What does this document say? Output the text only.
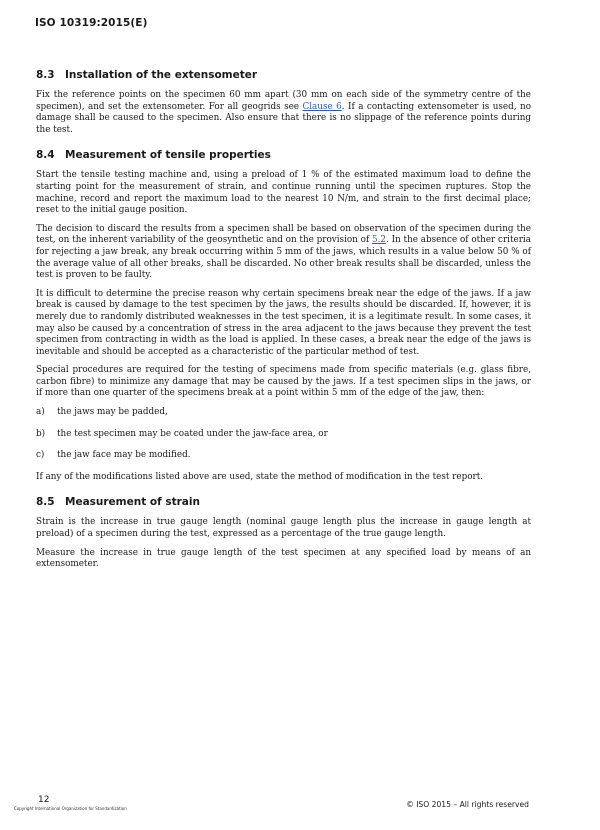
ISO 10319:2015(E)
8.3 Installation of the extensometer

Fix the reference points on the specimen 60 mm apart (30 mm on each side of the symmetry centre of the specimen), and set the extensometer. For all geogrids see Clause 6. If a contacting extensometer is used, no damage shall be caused to the specimen. Also ensure that there is no slippage of the reference points during the test.

8.4 Measurement of tensile properties

Start the tensile testing machine and, using a preload of 1 % of the estimated maximum load to define the starting point for the measurement of strain, and continue running until the specimen ruptures. Stop the machine, record and report the maximum load to the nearest 10 N/m, and strain to the first decimal place; reset to the initial gauge position.

The decision to discard the results from a specimen shall be based on observation of the specimen during the test, on the inherent variability of the geosynthetic and on the provision of 5.2. In the absence of other criteria for rejecting a jaw break, any break occurring within 5 mm of the jaws, which results in a value below 50 % of the average value of all other breaks, shall be discarded. No other break results shall be discarded, unless the test is proven to be faulty.

It is difficult to determine the precise reason why certain specimens break near the edge of the jaws. If a jaw break is caused by damage to the test specimen by the jaws, the results should be discarded. If, however, it is merely due to randomly distributed weaknesses in the test specimen, it is a legitimate result. In some cases, it may also be caused by a concentration of stress in the area adjacent to the jaws because they prevent the test specimen from contracting in width as the load is applied. In these cases, a break near the edge of the jaws is inevitable and should be accepted as a characteristic of the particular method of test.

Special procedures are required for the testing of specimens made from specific materials (e.g. glass fibre, carbon fibre) to minimize any damage that may be caused by the jaws. If a test specimen slips in the jaws, or if more than one quarter of the specimens break at a point within 5 mm of the edge of the jaw, then:

a) the jaws may be padded,
b) the test specimen may be coated under the jaw-face area, or
c) the jaw face may be modified.

If any of the modifications listed above are used, state the method of modification in the test report.

8.5 Measurement of strain

Strain is the increase in true gauge length (nominal gauge length plus the increase in gauge length at preload) of a specimen during the test, expressed as a percentage of the true gauge length.

Measure the increase in true gauge length of the test specimen at any specified load by means of an extensometer.

12
Copyright International Organization for Standardization	© ISO 2015 – All rights reserved
